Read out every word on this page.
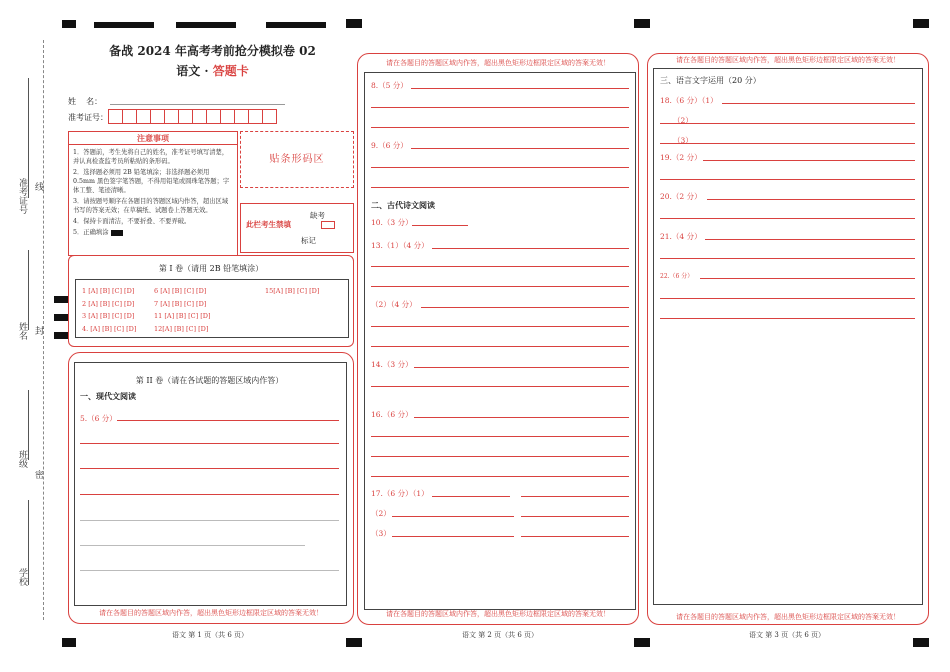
准考证号 线
姓名 封
班级
密
学校
备战 2024 年高考考前抢分模拟卷 02
语文 · 答题卡
姓    名：
准考证号：
注意事项
1．答题前，考生先将自己的姓名，准考证号填写清楚，并认真检查监考员所粘贴的条形码。
2．选择题必须用 2B 铅笔填涂；非选择题必须用 0.5mm 黑色签字笔答题，不得用铅笔或圆珠笔答题；字体工整、笔迹清晰。
3．请按题号顺序在各题目的答题区域内作答，超出区域书写的答案无效；在草稿纸、试题卷上答题无效。
4．保持卡面清洁，不要折叠、不要弄破。
5．正确填涂
贴条形码区
此栏考生禁填
缺考
标记
第 I 卷（请用 2B 铅笔填涂）
1 [A] [B] [C] [D]
2 [A] [B] [C] [D]
3 [A] [B] [C] [D]
4. [A] [B] [C] [D]
6 [A] [B] [C] [D]
7 [A] [B] [C] [D]
11 [A] [B] [C] [D]
12[A] [B] [C] [D]
15[A] [B] [C] [D]
第 II 卷（请在各试题的答题区域内作答）
一、现代文阅读
5.（6 分）
请在各题目的答题区域内作答，超出黑色矩形边框限定区域的答案无效！
语文 第 1 页（共 6 页）
请在各题目的答题区域内作答，超出黑色矩形边框限定区域的答案无效！
8.（5 分）
9.（6 分）
二、古代诗文阅读
10.（3 分）
13.（1）（4 分）
（2）（4 分）
14.（3 分）
16.（6 分）
17.（6 分）（1）
（2）
（3）
请在各题目的答题区域内作答，超出黑色矩形边框限定区域的答案无效！
语文 第 2 页（共 6 页）
请在各题目的答题区域内作答，超出黑色矩形边框限定区域的答案无效！
三、语言文字运用（20 分）
18.（6 分）（1）
（2）
（3）
19.（2 分）
20.（2 分）
21.（4 分）
22.（6 分）
请在各题目的答题区域内作答，超出黑色矩形边框限定区域的答案无效！
语文 第 3 页（共 6 页）
